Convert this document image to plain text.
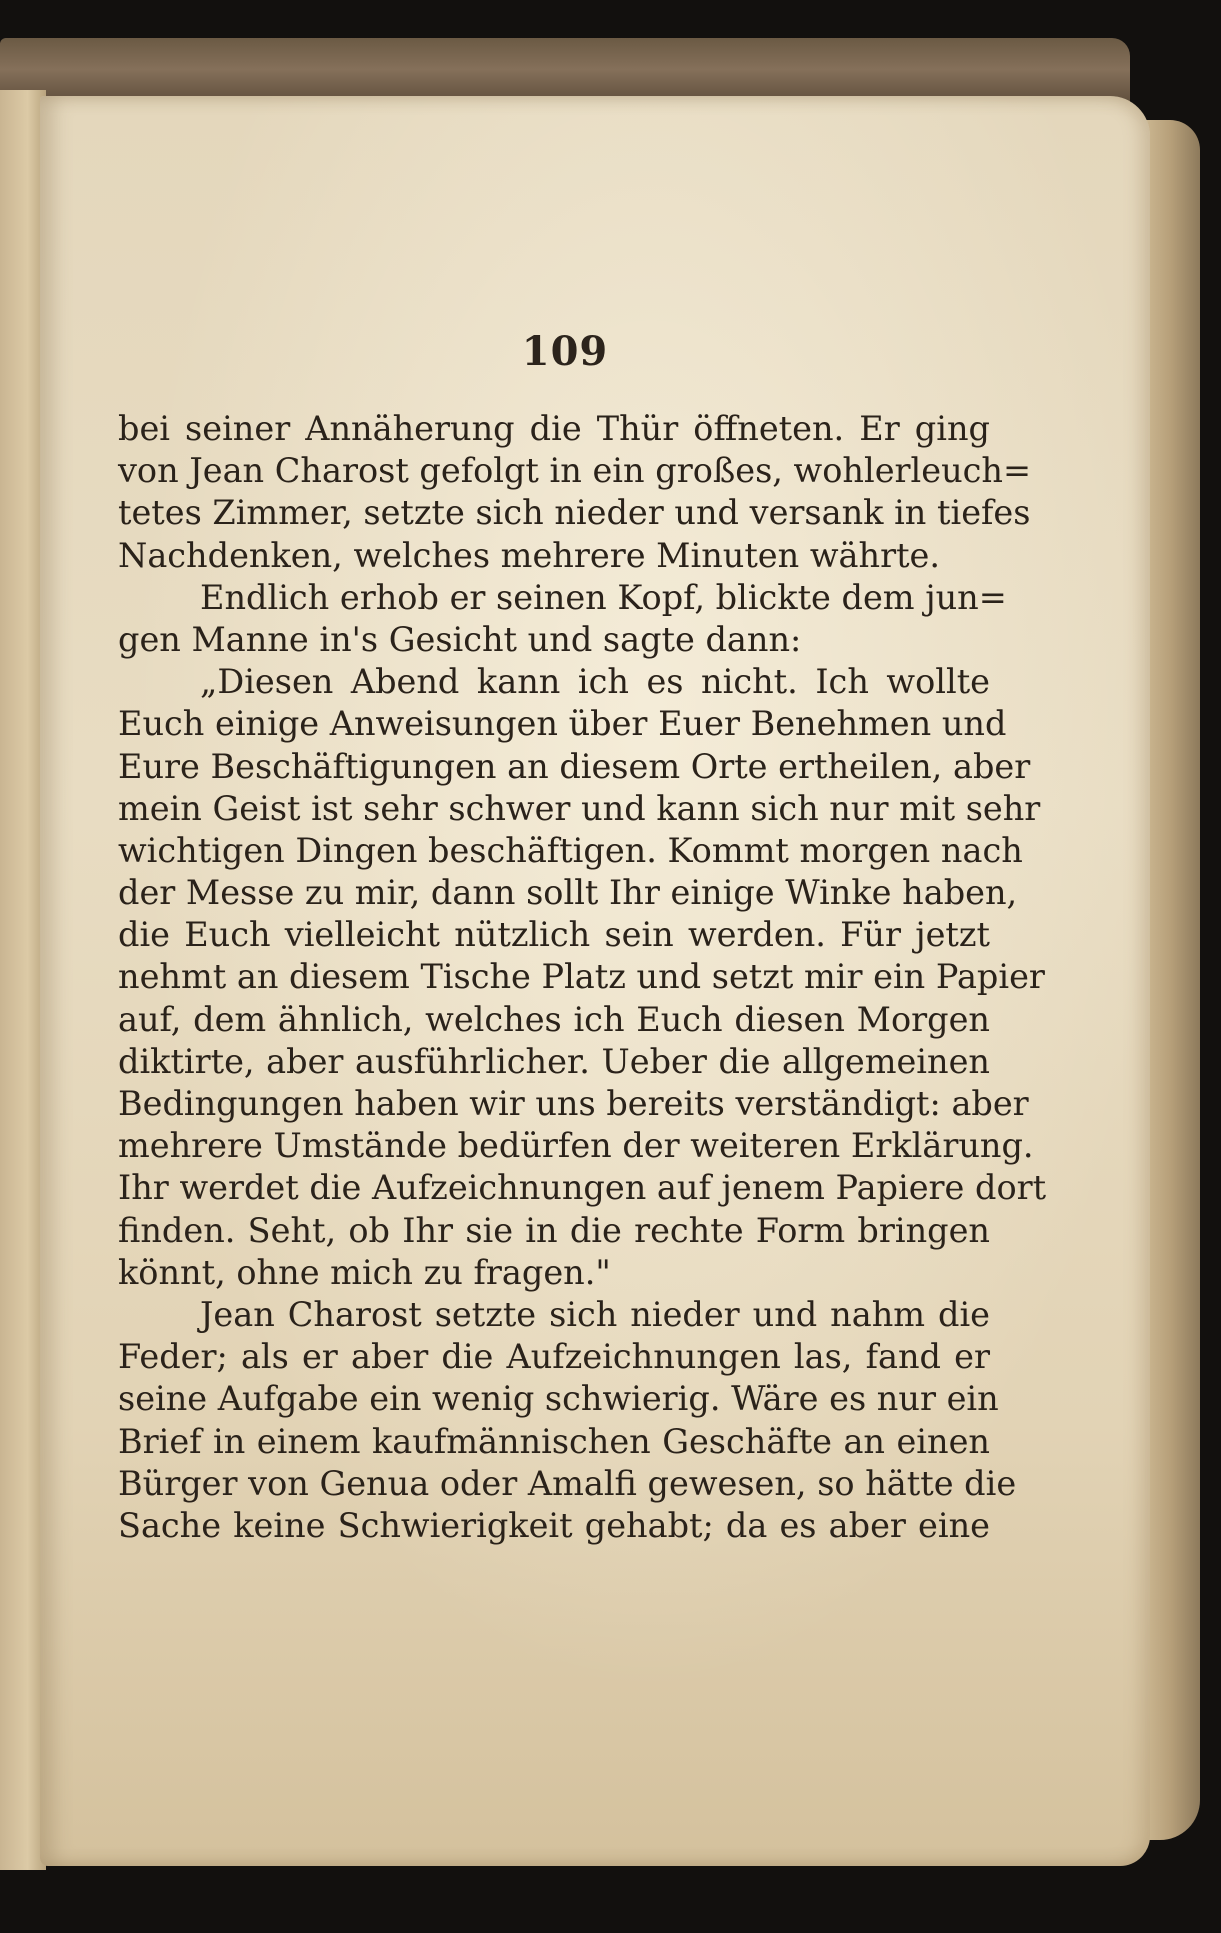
109
bei seiner Annäherung die Thür öffneten. Er ging
von Jean Charost gefolgt in ein großes, wohlerleuch=
tetes Zimmer, setzte sich nieder und versank in tiefes
Nachdenken, welches mehrere Minuten währte.
Endlich erhob er seinen Kopf, blickte dem jun=
gen Manne in's Gesicht und sagte dann:
„Diesen Abend kann ich es nicht. Ich wollte
Euch einige Anweisungen über Euer Benehmen und
Eure Beschäftigungen an diesem Orte ertheilen, aber
mein Geist ist sehr schwer und kann sich nur mit sehr
wichtigen Dingen beschäftigen. Kommt morgen nach
der Messe zu mir, dann sollt Ihr einige Winke haben,
die Euch vielleicht nützlich sein werden. Für jetzt
nehmt an diesem Tische Platz und setzt mir ein Papier
auf, dem ähnlich, welches ich Euch diesen Morgen
diktirte, aber ausführlicher. Ueber die allgemeinen
Bedingungen haben wir uns bereits verständigt: aber
mehrere Umstände bedürfen der weiteren Erklärung.
Ihr werdet die Aufzeichnungen auf jenem Papiere dort
finden. Seht, ob Ihr sie in die rechte Form bringen
könnt, ohne mich zu fragen."
Jean Charost setzte sich nieder und nahm die
Feder; als er aber die Aufzeichnungen las, fand er
seine Aufgabe ein wenig schwierig. Wäre es nur ein
Brief in einem kaufmännischen Geschäfte an einen
Bürger von Genua oder Amalfi gewesen, so hätte die
Sache keine Schwierigkeit gehabt; da es aber eine
